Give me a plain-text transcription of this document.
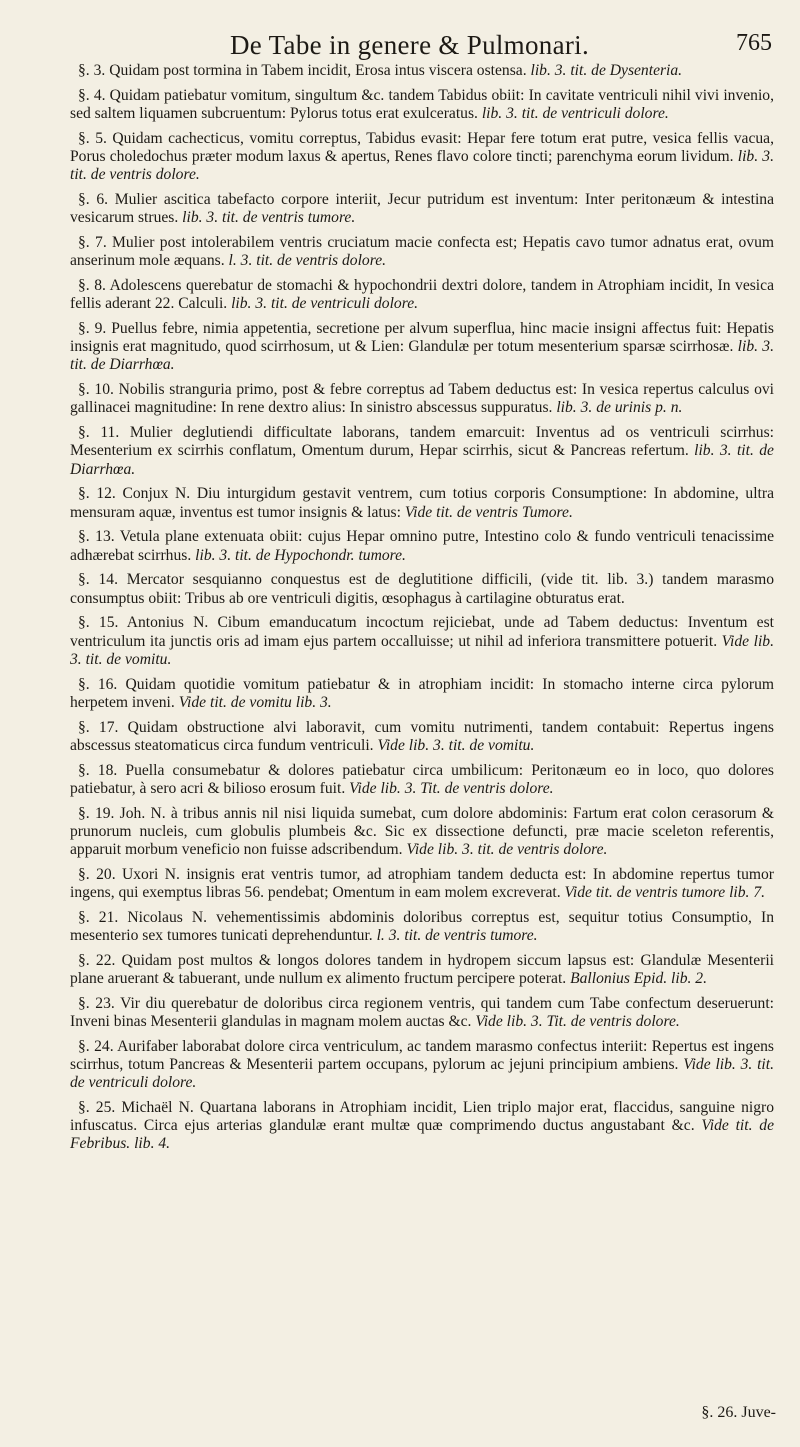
De Tabe in genere & Pulmonari.	765

§. 3. Quidam post tormina in Tabem incidit, Erosa intus viscera ostensa. lib. 3. tit. de Dysenteria.

§. 4. Quidam patiebatur vomitum, singultum &c. tandem Tabidus obiit: In cavitate ventriculi nihil vivi invenio, sed saltem liquamen subcruentum: Pylorus totus erat exulceratus. lib. 3. tit. de ventriculi dolore.

§. 5. Quidam cachecticus, vomitu correptus, Tabidus evasit: Hepar fere totum erat putre, vesica fellis vacua, Porus choledochus præter modum laxus & apertus, Renes flavo colore tincti; parenchyma eorum lividum. lib. 3. tit. de ventris dolore.

§. 6. Mulier ascitica tabefacto corpore interiit, Jecur putridum est inventum: Inter peritonæum & intestina vesicarum strues. lib. 3. tit. de ventris tumore.

§. 7. Mulier post intolerabilem ventris cruciatum macie confecta est; Hepatis cavo tumor adnatus erat, ovum anserinum mole æquans. l. 3. tit. de ventris dolore.

§. 8. Adolescens querebatur de stomachi & hypochondrii dextri dolore, tandem in Atrophiam incidit, In vesica fellis aderant 22. Calculi. lib. 3. tit. de ventriculi dolore.

§. 9. Puellus febre, nimia appetentia, secretione per alvum superflua, hinc macie insigni affectus fuit: Hepatis insignis erat magnitudo, quod scirrhosum, ut & Lien: Glandulæ per totum mesenterium sparsæ scirrhosæ. lib. 3. tit. de Diarrhœa.

§. 10. Nobilis stranguria primo, post & febre correptus ad Tabem deductus est: In vesica repertus calculus ovi gallinacei magnitudine: In rene dextro alius: In sinistro abscessus suppuratus. lib. 3. de urinis p. n.

§. 11. Mulier deglutiendi difficultate laborans, tandem emarcuit: Inventus ad os ventriculi scirrhus: Mesenterium ex scirrhis conflatum, Omentum durum, Hepar scirrhis, sicut & Pancreas refertum. lib. 3. tit. de Diarrhœa.

§. 12. Conjux N. Diu inturgidum gestavit ventrem, cum totius corporis Consumptione: In abdomine, ultra mensuram aquæ, inventus est tumor insignis & latus: Vide tit. de ventris Tumore.

§. 13. Vetula plane extenuata obiit: cujus Hepar omnino putre, Intestino colo & fundo ventriculi tenacissime adhærebat scirrhus. lib. 3. tit. de Hypochondr. tumore.

§. 14. Mercator sesquianno conquestus est de deglutitione difficili, (vide tit. lib. 3.) tandem marasmo consumptus obiit: Tribus ab ore ventriculi digitis, œsophagus à cartilagine obturatus erat.

§. 15. Antonius N. Cibum emanducatum incoctum rejiciebat, unde ad Tabem deductus: Inventum est ventriculum ita junctis oris ad imam ejus partem occalluisse; ut nihil ad inferiora transmittere potuerit. Vide lib. 3. tit. de vomitu.

§. 16. Quidam quotidie vomitum patiebatur & in atrophiam incidit: In stomacho interne circa pylorum herpetem inveni. Vide tit. de vomitu lib. 3.

§. 17. Quidam obstructione alvi laboravit, cum vomitu nutrimenti, tandem contabuit: Repertus ingens abscessus steatomaticus circa fundum ventriculi. Vide lib. 3. tit. de vomitu.

§. 18. Puella consumebatur & dolores patiebatur circa umbilicum: Peritonæum eo in loco, quo dolores patiebatur, à sero acri & bilioso erosum fuit. Vide lib. 3. Tit. de ventris dolore.

§. 19. Joh. N. à tribus annis nil nisi liquida sumebat, cum dolore abdominis: Fartum erat colon cerasorum & prunorum nucleis, cum globulis plumbeis &c. Sic ex dissectione defuncti, præ macie sceleton referentis, apparuit morbum veneficio non fuisse adscribendum. Vide lib. 3. tit. de ventris dolore.

§. 20. Uxori N. insignis erat ventris tumor, ad atrophiam tandem deducta est: In abdomine repertus tumor ingens, qui exemptus libras 56. pendebat; Omentum in eam molem excreverat. Vide tit. de ventris tumore lib. 7.

§. 21. Nicolaus N. vehementissimis abdominis doloribus correptus est, sequitur totius Consumptio, In mesenterio sex tumores tunicati deprehenduntur. l. 3. tit. de ventris tumore.

§. 22. Quidam post multos & longos dolores tandem in hydropem siccum lapsus est: Glandulæ Mesenterii plane aruerant & tabuerant, unde nullum ex alimento fructum percipere poterat. Ballonius Epid. lib. 2.

§. 23. Vir diu querebatur de doloribus circa regionem ventris, qui tandem cum Tabe confectum deseruerunt: Inveni binas Mesenterii glandulas in magnam molem auctas &c. Vide lib. 3. Tit. de ventris dolore.

§. 24. Aurifaber laborabat dolore circa ventriculum, ac tandem marasmo confectus interiit: Repertus est ingens scirrhus, totum Pancreas & Mesenterii partem occupans, pylorum ac jejuni principium ambiens. Vide lib. 3. tit. de ventriculi dolore.

§. 25. Michaël N. Quartana laborans in Atrophiam incidit, Lien triplo major erat, flaccidus, sanguine nigro infuscatus. Circa ejus arterias glandulæ erant multæ quæ comprimendo ductus angustabant &c. Vide tit. de Febribus. lib. 4.

§. 26. Juve-
